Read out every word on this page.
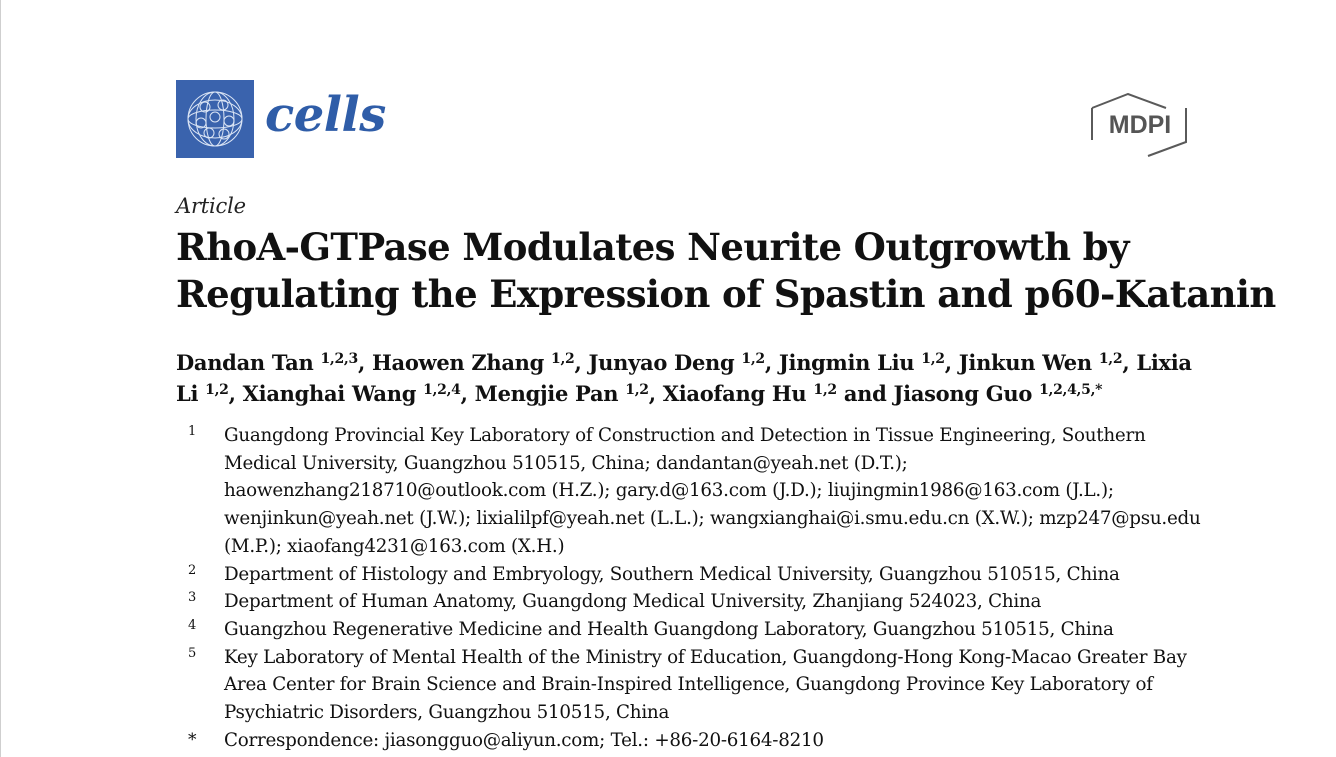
cells	MDPI
Article
RhoA-GTPase Modulates Neurite Outgrowth by Regulating the Expression of Spastin and p60-Katanin
Dandan Tan $^{1,2,3}$, Haowen Zhang $^{1,2}$, Junyao Deng $^{1,2}$, Jingmin Liu $^{1,2}$, Jinkun Wen $^{1,2}$, Lixia Li $^{1,2}$, Xianghai Wang $^{1,2,4}$, Mengjie Pan $^{1,2}$, Xiaofang Hu $^{1,2}$ and Jiasong Guo $^{1,2,4,5,*}$
1 Guangdong Provincial Key Laboratory of Construction and Detection in Tissue Engineering, Southern Medical University, Guangzhou 510515, China; dandantan@yeah.net (D.T.); haowenzhang218710@outlook.com (H.Z.); gary.d@163.com (J.D.); liujingmin1986@163.com (J.L.); wenjinkun@yeah.net (J.W.); lixialilpf@yeah.net (L.L.); wangxianghai@i.smu.edu.cn (X.W.); mzp247@psu.edu (M.P.); xiaofang4231@163.com (X.H.)
2 Department of Histology and Embryology, Southern Medical University, Guangzhou 510515, China
3 Department of Human Anatomy, Guangdong Medical University, Zhanjiang 524023, China
4 Guangzhou Regenerative Medicine and Health Guangdong Laboratory, Guangzhou 510515, China
5 Key Laboratory of Mental Health of the Ministry of Education, Guangdong-Hong Kong-Macao Greater Bay Area Center for Brain Science and Brain-Inspired Intelligence, Guangdong Province Key Laboratory of Psychiatric Disorders, Guangzhou 510515, China
* Correspondence: jiasongguo@aliyun.com; Tel.: +86-20-6164-8210
